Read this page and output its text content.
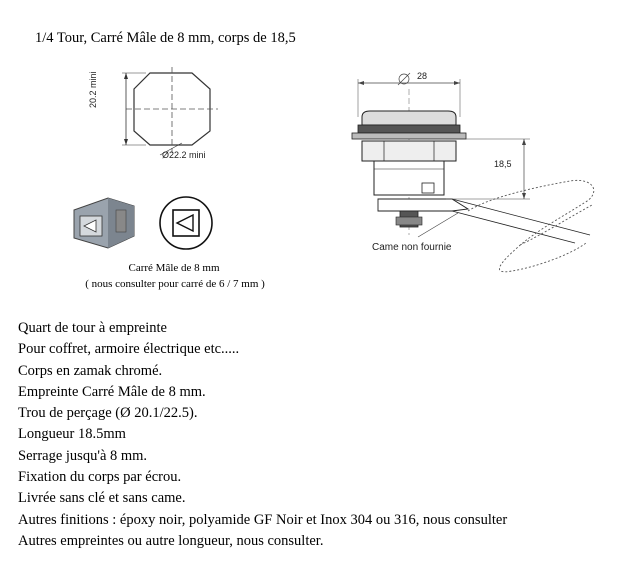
1/4 Tour, Carré Mâle de 8 mm, corps de 18,5
20.2 mini
Ø22.2 mini
28
18,5
Came non fournie
Carré Mâle de 8 mm
( nous consulter pour carré de 6 / 7 mm )
Quart de tour à empreinte
Pour coffret, armoire électrique etc.....
Corps en zamak chromé.
Empreinte Carré Mâle de 8 mm.
Trou de perçage (Ø 20.1/22.5).
Longueur 18.5mm
Serrage jusqu'à 8 mm.
Fixation du corps par écrou.
Livrée sans clé et sans came.
Autres finitions : époxy noir, polyamide GF Noir et Inox 304 ou 316, nous consulter
Autres empreintes ou autre longueur, nous consulter.
